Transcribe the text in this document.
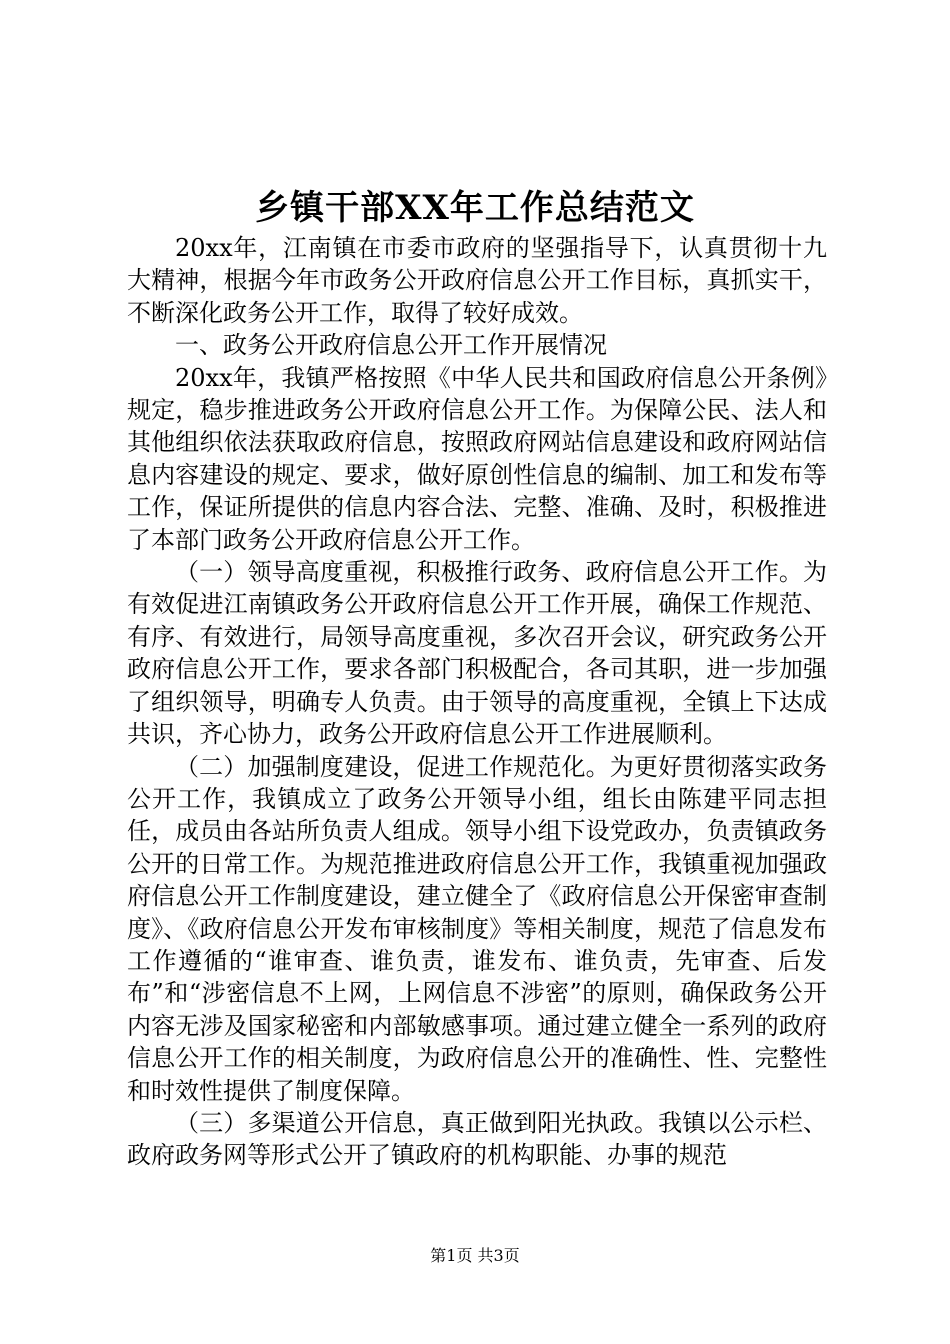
乡镇干部XX年工作总结范文

20xx年，江南镇在市委市政府的坚强指导下，认真贯彻十九大精神，根据今年市政务公开政府信息公开工作目标，真抓实干，不断深化政务公开工作，取得了较好成效。

一、政务公开政府信息公开工作开展情况

20xx年，我镇严格按照《中华人民共和国政府信息公开条例》规定，稳步推进政务公开政府信息公开工作。为保障公民、法人和其他组织依法获取政府信息，按照政府网站信息建设和政府网站信息内容建设的规定、要求，做好原创性信息的编制、加工和发布等工作，保证所提供的信息内容合法、完整、准确、及时，积极推进了本部门政务公开政府信息公开工作。

（一）领导高度重视，积极推行政务、政府信息公开工作。为有效促进江南镇政务公开政府信息公开工作开展，确保工作规范、有序、有效进行，局领导高度重视，多次召开会议，研究政务公开政府信息公开工作，要求各部门积极配合，各司其职，进一步加强了组织领导，明确专人负责。由于领导的高度重视，全镇上下达成共识，齐心协力，政务公开政府信息公开工作进展顺利。

（二）加强制度建设，促进工作规范化。为更好贯彻落实政务公开工作，我镇成立了政务公开领导小组，组长由陈建平同志担任，成员由各站所负责人组成。领导小组下设党政办，负责镇政务公开的日常工作。为规范推进政府信息公开工作，我镇重视加强政府信息公开工作制度建设，建立健全了《政府信息公开保密审查制度》、《政府信息公开发布审核制度》等相关制度，规范了信息发布工作遵循的“谁审查、谁负责，谁发布、谁负责，先审查、后发布”和“涉密信息不上网，上网信息不涉密”的原则，确保政务公开内容无涉及国家秘密和内部敏感事项。通过建立健全一系列的政府信息公开工作的相关制度，为政府信息公开的准确性、性、完整性和时效性提供了制度保障。

（三）多渠道公开信息，真正做到阳光执政。我镇以公示栏、政府政务网等形式公开了镇政府的机构职能、办事的规范

第1页 共3页
